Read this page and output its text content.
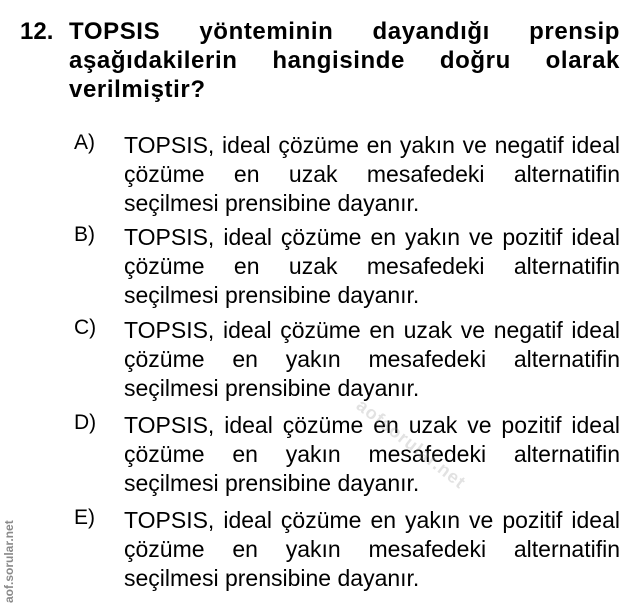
12. TOPSIS yönteminin dayandığı prensip aşağıdakilerin hangisinde doğru olarak verilmiştir?
A) TOPSIS, ideal çözüme en yakın ve negatif ideal çözüme en uzak mesafedeki alternatifin seçilmesi prensibine dayanır.
B) TOPSIS, ideal çözüme en yakın ve pozitif ideal çözüme en uzak mesafedeki alternatifin seçilmesi prensibine dayanır.
C) TOPSIS, ideal çözüme en uzak ve negatif ideal çözüme en yakın mesafedeki alternatifin seçilmesi prensibine dayanır.
D) TOPSIS, ideal çözüme en uzak ve pozitif ideal çözüme en yakın mesafedeki alternatifin seçilmesi prensibine dayanır.
E) TOPSIS, ideal çözüme en yakın ve pozitif ideal çözüme en yakın mesafedeki alternatifin seçilmesi prensibine dayanır.
aofsorular.net
aof.sorular.net
